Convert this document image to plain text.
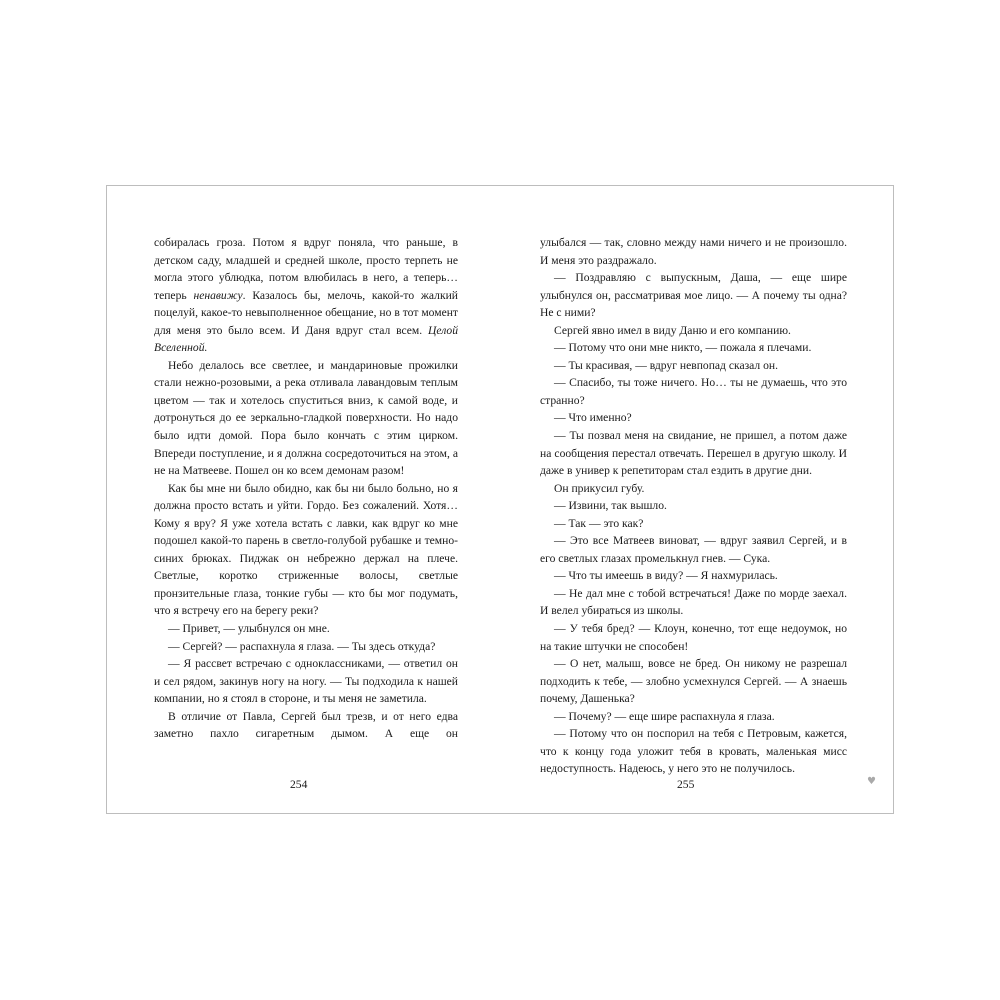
собиралась гроза. Потом я вдруг поняла, что раньше, в детском саду, младшей и средней школе, просто терпеть не могла этого ублюдка, потом влюбилась в него, а теперь… теперь ненавижу. Казалось бы, мелочь, какой-то жалкий поцелуй, какое-то невыполненное обещание, но в тот момент для меня это было всем. И Даня вдруг стал всем. Целой Вселенной.

Небо делалось все светлее, и мандариновые прожилки стали нежно-розовыми, а река отливала лавандовым теплым цветом — так и хотелось спуститься вниз, к самой воде, и дотронуться до ее зеркально-гладкой поверхности. Но надо было идти домой. Пора было кончать с этим цирком. Впереди поступление, и я должна сосредоточиться на этом, а не на Матвееве. Пошел он ко всем демонам разом!

Как бы мне ни было обидно, как бы ни было больно, но я должна просто встать и уйти. Гордо. Без сожалений. Хотя… Кому я вру? Я уже хотела встать с лавки, как вдруг ко мне подошел какой-то парень в светло-голубой рубашке и темно-синих брюках. Пиджак он небрежно держал на плече. Светлые, коротко стриженные волосы, светлые пронзительные глаза, тонкие губы — кто бы мог подумать, что я встречу его на берегу реки?

— Привет, — улыбнулся он мне.

— Сергей? — распахнула я глаза. — Ты здесь откуда?

— Я рассвет встречаю с одноклассниками, — ответил он и сел рядом, закинув ногу на ногу. — Ты подходила к нашей компании, но я стоял в стороне, и ты меня не заметила.

В отличие от Павла, Сергей был трезв, и от него едва заметно пахло сигаретным дымом. А еще он

улыбался — так, словно между нами ничего и не произошло. И меня это раздражало.

— Поздравляю с выпускным, Даша, — еще шире улыбнулся он, рассматривая мое лицо. — А почему ты одна? Не с ними?

Сергей явно имел в виду Даню и его компанию.

— Потому что они мне никто, — пожала я плечами.

— Ты красивая, — вдруг невпопад сказал он.

— Спасибо, ты тоже ничего. Но… ты не думаешь, что это странно?

— Что именно?

— Ты позвал меня на свидание, не пришел, а потом даже на сообщения перестал отвечать. Перешел в другую школу. И даже в универ к репетиторам стал ездить в другие дни.

Он прикусил губу.

— Извини, так вышло.

— Так — это как?

— Это все Матвеев виноват, — вдруг заявил Сергей, и в его светлых глазах промелькнул гнев. — Сука.

— Что ты имеешь в виду? — Я нахмурилась.

— Не дал мне с тобой встречаться! Даже по морде заехал. И велел убираться из школы.

— У тебя бред? — Клоун, конечно, тот еще недоумок, но на такие штучки не способен!

— О нет, малыш, вовсе не бред. Он никому не разрешал подходить к тебе, — злобно усмехнулся Сергей. — А знаешь почему, Дашенька?

— Почему? — еще шире распахнула я глаза.

— Потому что он поспорил на тебя с Петровым, кажется, что к концу года уложит тебя в кровать, маленькая мисс недоступность. Надеюсь, у него это не получилось.

254	255	♥
